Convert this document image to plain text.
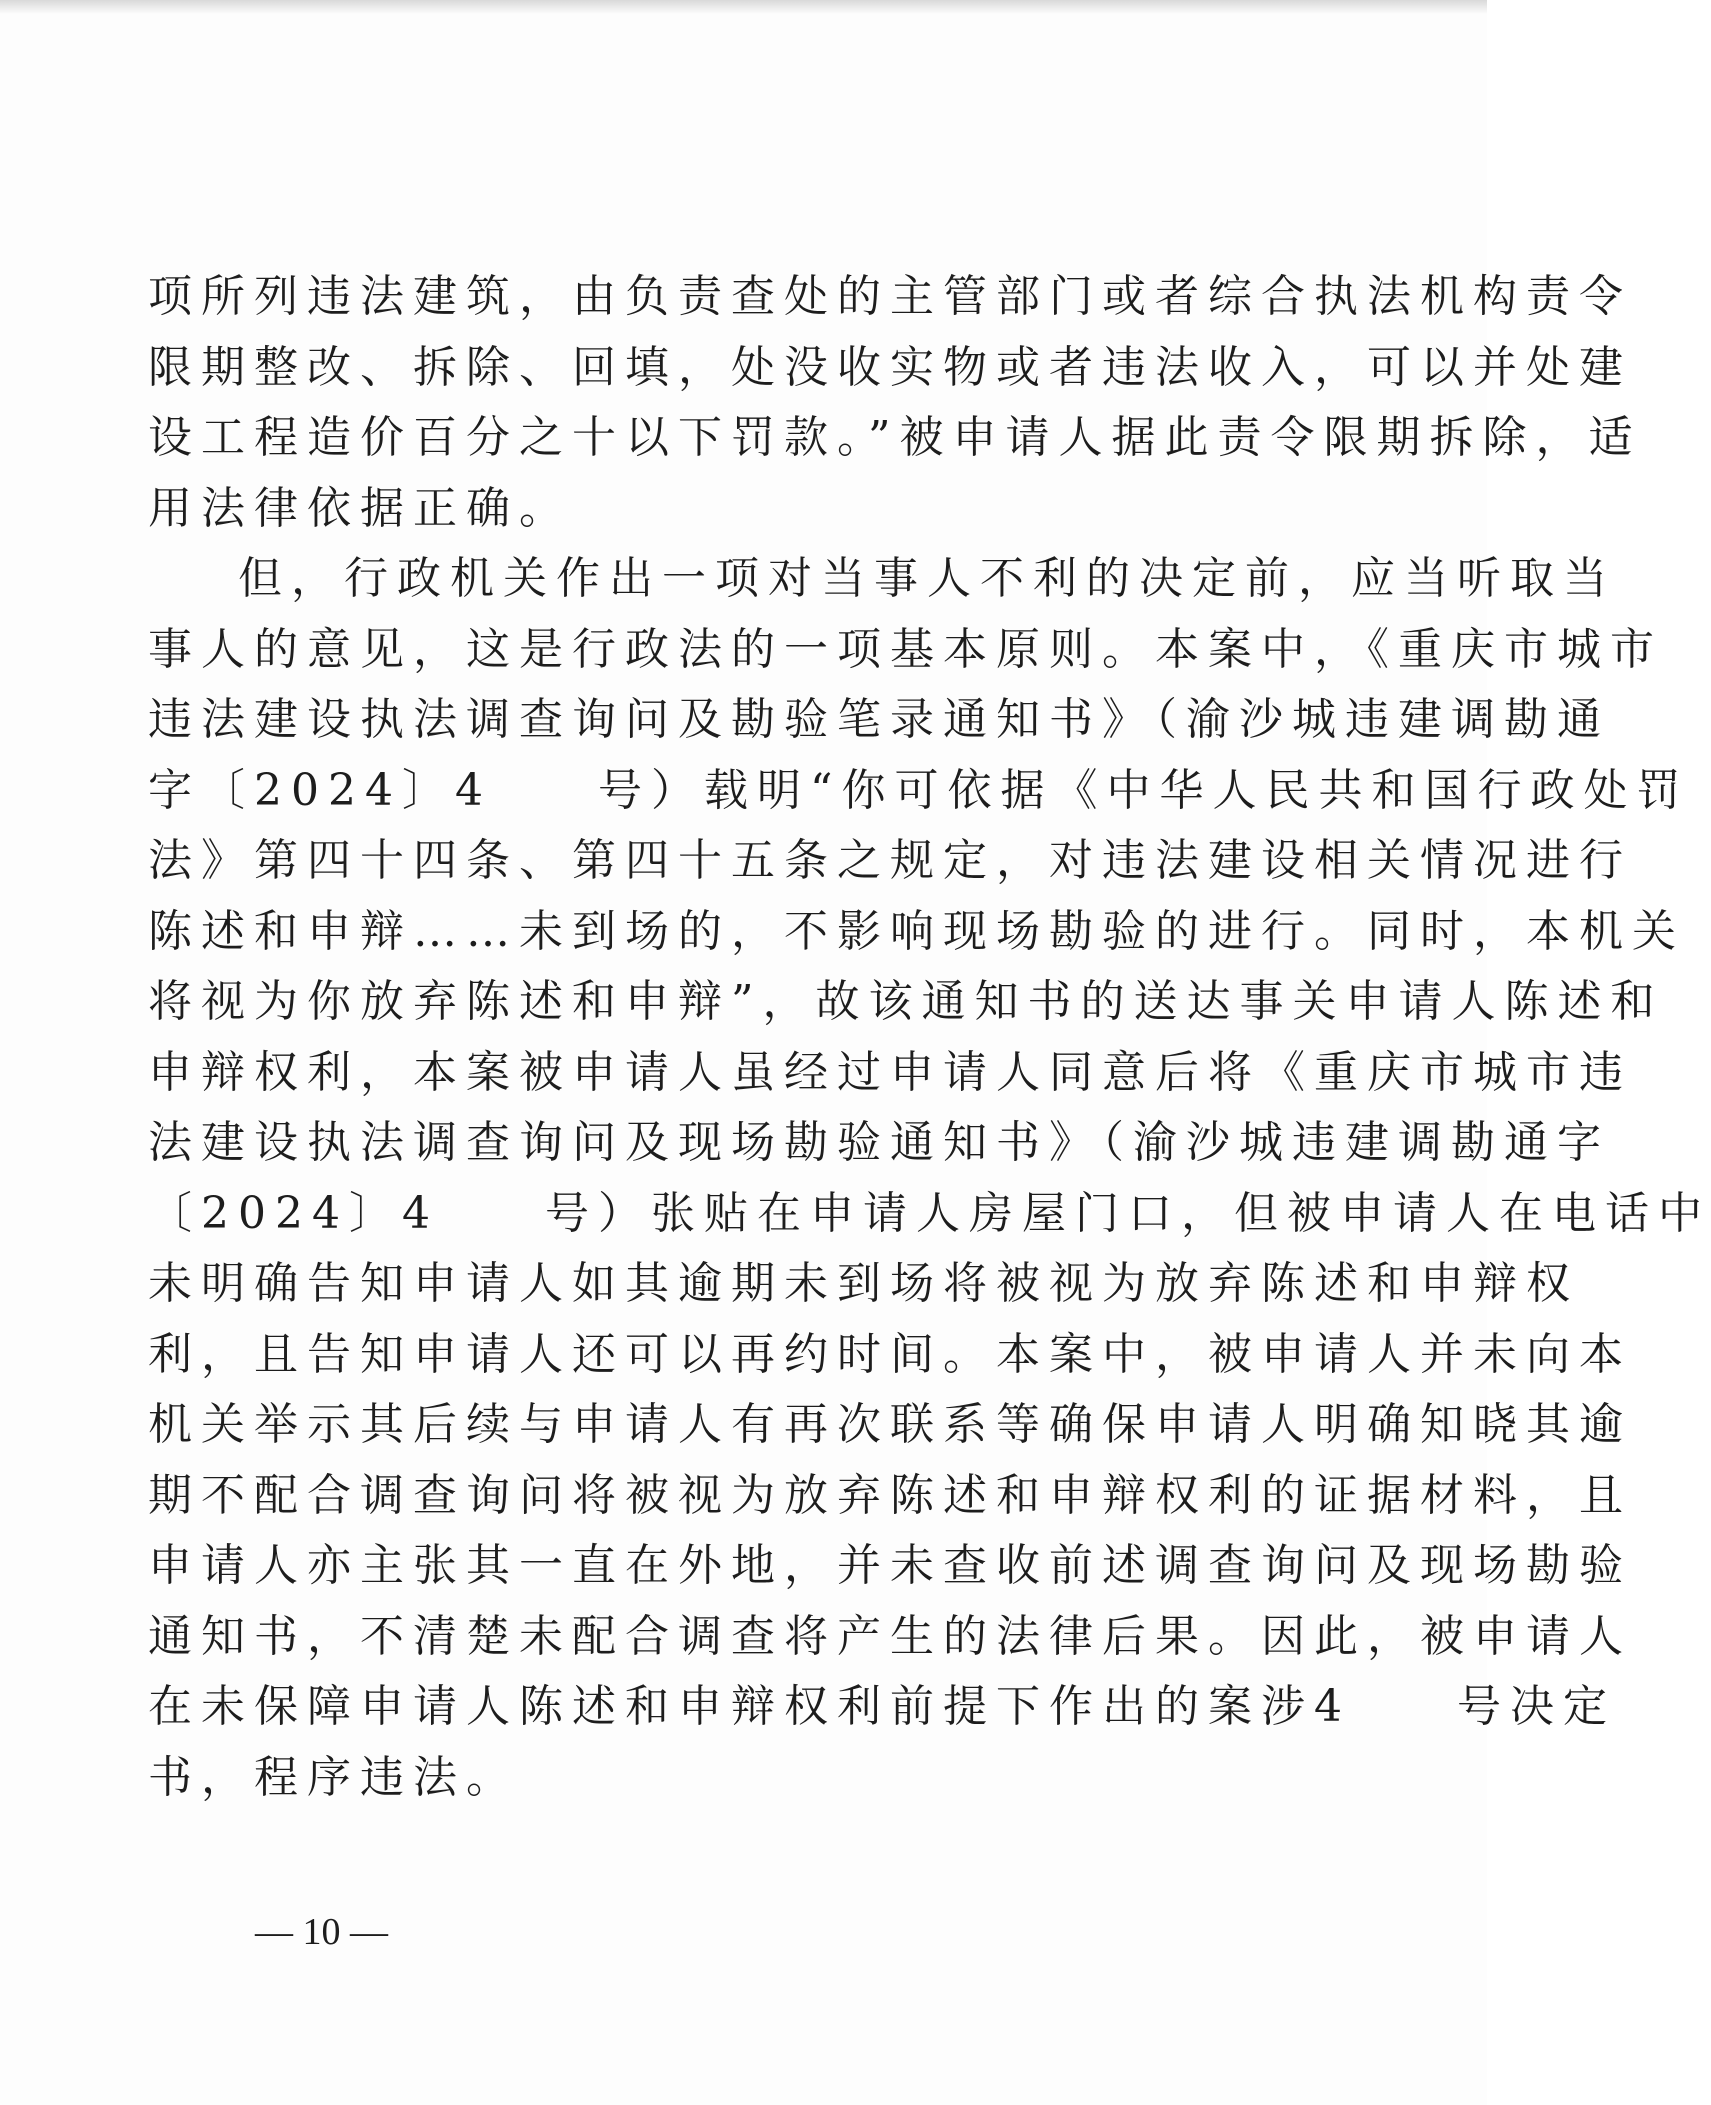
项所列违法建筑，由负责查处的主管部门或者综合执法机构责令
限期整改、拆除、回填，处没收实物或者违法收入，可以并处建
设工程造价百分之十以下罚款。”被申请人据此责令限期拆除，适
用法律依据正确。
但，行政机关作出一项对当事人不利的决定前，应当听取当
事人的意见，这是行政法的一项基本原则。本案中，《重庆市城市
违法建设执法调查询问及勘验笔录通知书》（渝沙城违建调勘通
字〔2024〕4　　号）载明“你可依据《中华人民共和国行政处罚
法》第四十四条、第四十五条之规定，对违法建设相关情况进行
陈述和申辩……未到场的，不影响现场勘验的进行。同时，本机关
将视为你放弃陈述和申辩”，故该通知书的送达事关申请人陈述和
申辩权利，本案被申请人虽经过申请人同意后将《重庆市城市违
法建设执法调查询问及现场勘验通知书》（渝沙城违建调勘通字
〔2024〕4　　号）张贴在申请人房屋门口，但被申请人在电话中
未明确告知申请人如其逾期未到场将被视为放弃陈述和申辩权
利，且告知申请人还可以再约时间。本案中，被申请人并未向本
机关举示其后续与申请人有再次联系等确保申请人明确知晓其逾
期不配合调查询问将被视为放弃陈述和申辩权利的证据材料，且
申请人亦主张其一直在外地，并未查收前述调查询问及现场勘验
通知书，不清楚未配合调查将产生的法律后果。因此，被申请人
在未保障申请人陈述和申辩权利前提下作出的案涉4　　号决定
书，程序违法。
— 10 —
